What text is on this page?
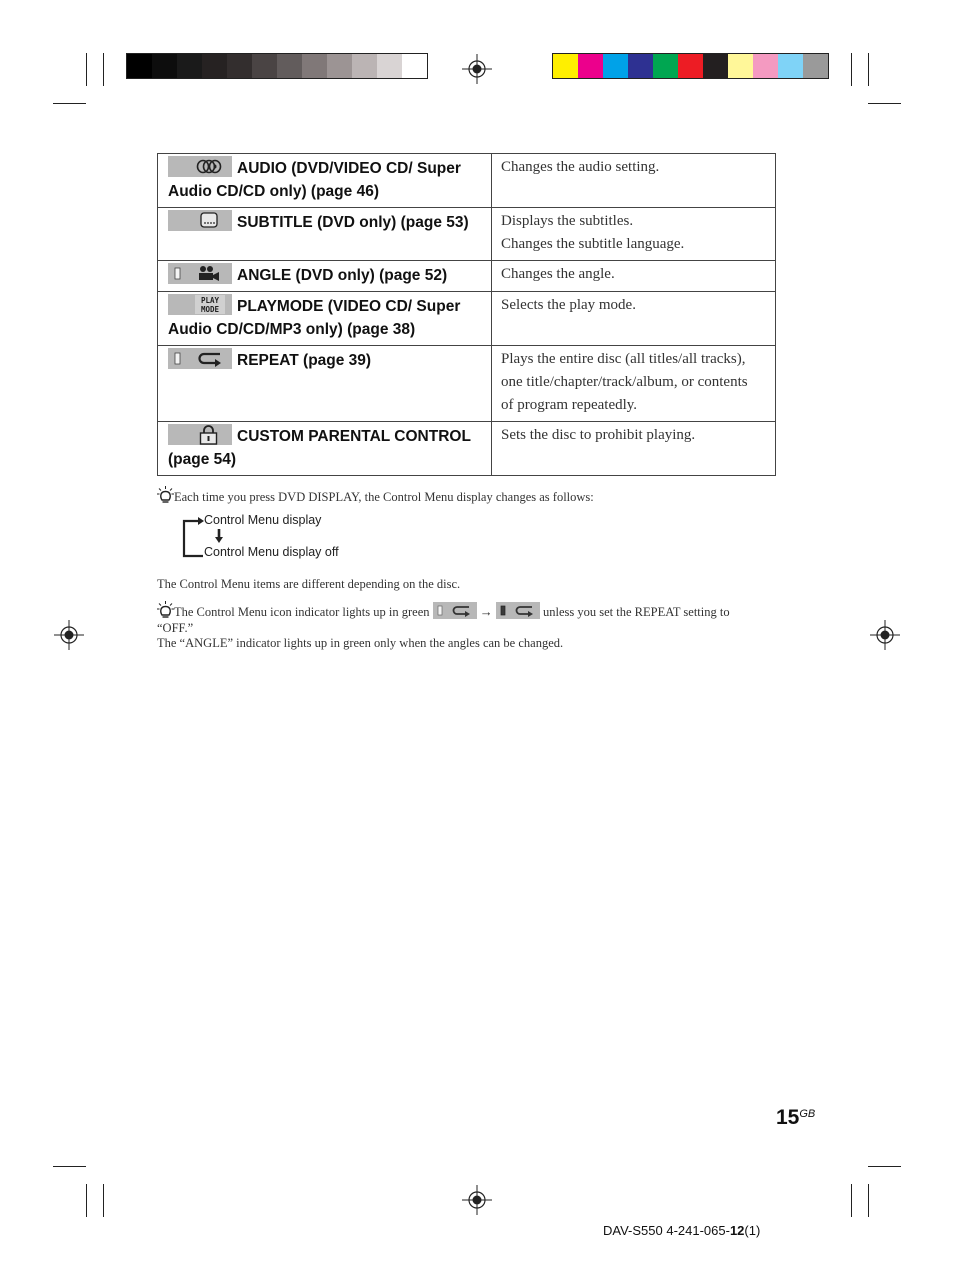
AUDIO (DVD/VIDEO CD/ Super Audio CD/CD only) (page 46)	Changes the audio setting.

SUBTITLE (DVD only) (page 53)	Displays the subtitles.
Changes the subtitle language.

ANGLE (DVD only) (page 52)	Changes the angle.

PLAY
MODE PLAYMODE (VIDEO CD/ Super Audio CD/CD/MP3 only) (page 38)	Selects the play mode.

REPEAT (page 39)	Plays the entire disc (all titles/all tracks),
one title/chapter/track/album, or contents
of program repeatedly.

CUSTOM PARENTAL CONTROL (page 54)	Sets the disc to prohibit playing.
Each time you press DVD DISPLAY, the Control Menu display changes as follows:
Control Menu display
Control Menu display off
The Control Menu items are different depending on the disc.
The Control Menu icon indicator lights up in green	→	unless you set the REPEAT setting to
“OFF.”
The “ANGLE” indicator lights up in green only when the angles can be changed.
$15^{GB}$
DAV-S550 4-241-065-12(1)
